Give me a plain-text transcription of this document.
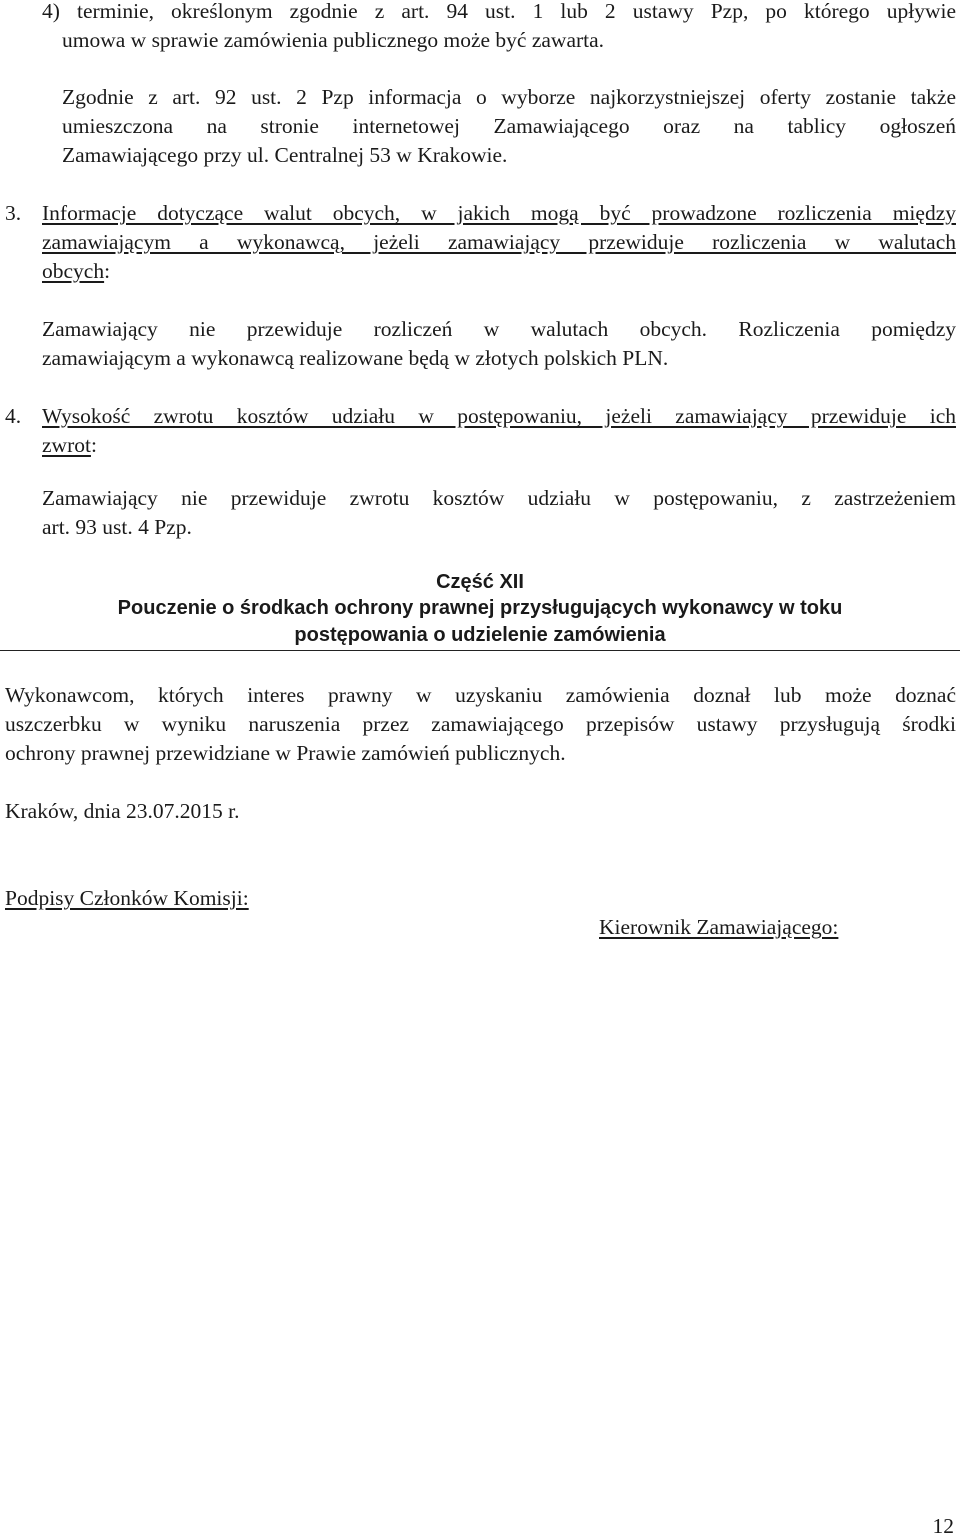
4) terminie, określonym zgodnie z art. 94 ust. 1 lub 2 ustawy Pzp, po którego upływie
umowa w sprawie zamówienia publicznego może być zawarta.
Zgodnie z art. 92 ust. 2 Pzp informacja o wyborze najkorzystniejszej oferty zostanie także
umieszczona na stronie internetowej Zamawiającego oraz na tablicy ogłoszeń
Zamawiającego przy ul. Centralnej 53 w Krakowie.
3. Informacje dotyczące walut obcych, w jakich mogą być prowadzone rozliczenia między
zamawiającym a wykonawcą, jeżeli zamawiający przewiduje rozliczenia w walutach
obcych:
Zamawiający nie przewiduje rozliczeń w walutach obcych. Rozliczenia pomiędzy
zamawiającym a wykonawcą realizowane będą w złotych polskich PLN.
4. Wysokość zwrotu kosztów udziału w postępowaniu, jeżeli zamawiający przewiduje ich
zwrot:
Zamawiający nie przewiduje zwrotu kosztów udziału w postępowaniu, z zastrzeżeniem
art. 93 ust. 4 Pzp.
Część XII
Pouczenie o środkach ochrony prawnej przysługujących wykonawcy w toku
postępowania o udzielenie zamówienia
Wykonawcom, których interes prawny w uzyskaniu zamówienia doznał lub może doznać
uszczerbku w wyniku naruszenia przez zamawiającego przepisów ustawy przysługują środki
ochrony prawnej przewidziane w Prawie zamówień publicznych.
Kraków, dnia 23.07.2015 r.
Podpisy Członków Komisji:
Kierownik Zamawiającego:
12
